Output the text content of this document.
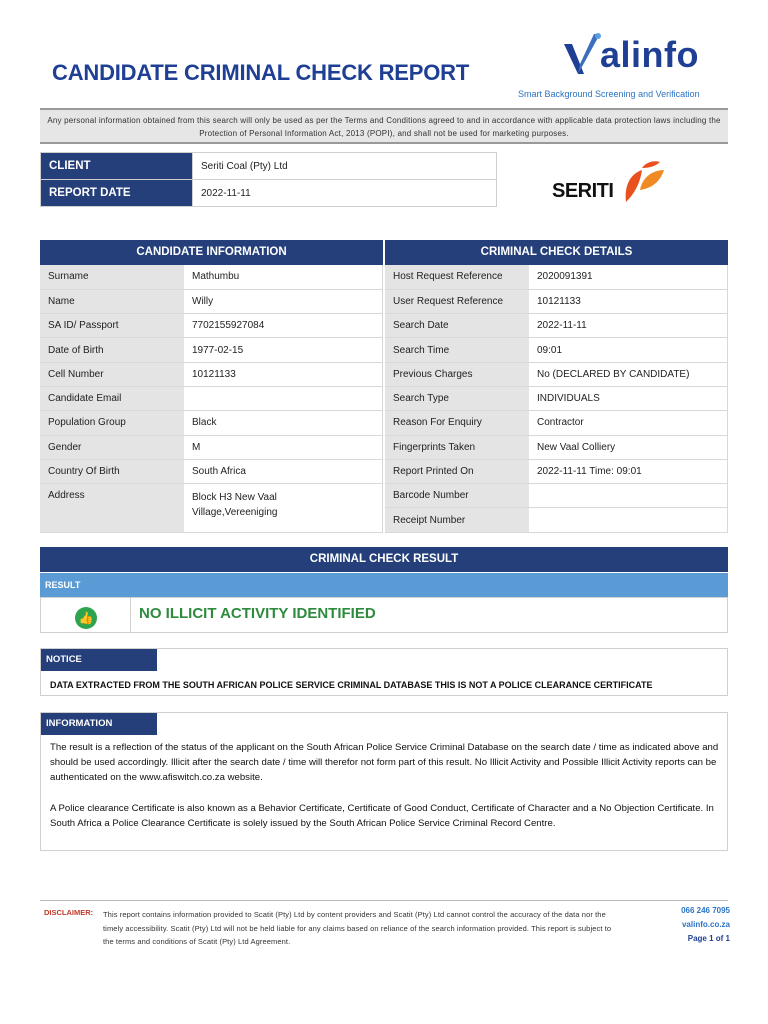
CANDIDATE CRIMINAL CHECK REPORT	alinfo
Smart Background Screening and Verification
Any personal information obtained from this search will only be used as per the Terms and Conditions agreed to and in accordance with applicable data protection laws including the Protection of Personal Information Act, 2013 (POPI), and shall not be used for marketing purposes.
CLIENT	Seriti Coal (Pty) Ltd
REPORT DATE	2022-11-11	SERITI
CANDIDATE INFORMATION
Surname	Mathumbu
Name	Willy
SA ID/ Passport	7702155927084
Date of Birth	1977-02-15
Cell Number	10121133
Candidate Email	
Population Group	Black
Gender	M
Country Of Birth	South Africa
Address	Block H3 New Vaal Village,Vereeniging
CRIMINAL CHECK DETAILS
Host Request Reference	2020091391
User Request Reference	10121133
Search Date	2022-11-11
Search Time	09:01
Previous Charges	No (DECLARED BY CANDIDATE)
Search Type	INDIVIDUALS
Reason For Enquiry	Contractor
Fingerprints Taken	New Vaal Colliery
Report Printed On	2022-11-11 Time: 09:01
Barcode Number	
Receipt Number	
CRIMINAL CHECK RESULT
RESULT
👍	NO ILLICIT ACTIVITY IDENTIFIED
NOTICE
DATA EXTRACTED FROM THE SOUTH AFRICAN POLICE SERVICE CRIMINAL DATABASE THIS IS NOT A POLICE CLEARANCE CERTIFICATE
INFORMATION
The result is a reflection of the status of the applicant on the South African Police Service Criminal Database on the search date / time as indicated above and should be used accordingly. Illicit after the search date / time will therefor not form part of this result. No Illicit Activity and Possible Illicit Activity reports can be authenticated on the www.afiswitch.co.za website.
A Police clearance Certificate is also known as a Behavior Certificate, Certificate of Good Conduct, Certificate of Character and a No Objection Certificate. In South Africa a Police Clearance Certificate is solely issued by the South African Police Service Criminal Record Centre.
DISCLAIMER: This report contains information provided to Scatit (Pty) Ltd by content providers and Scatit (Pty) Ltd cannot control the accuracy of the data nor the timely accessibility. Scatit (Pty) Ltd will not be held liable for any claims based on reliance of the search information provided. This report is subject to the terms and conditions of Scatit (Pty) Ltd Agreement.
066 246 7095
valinfo.co.za
Page 1 of 1
